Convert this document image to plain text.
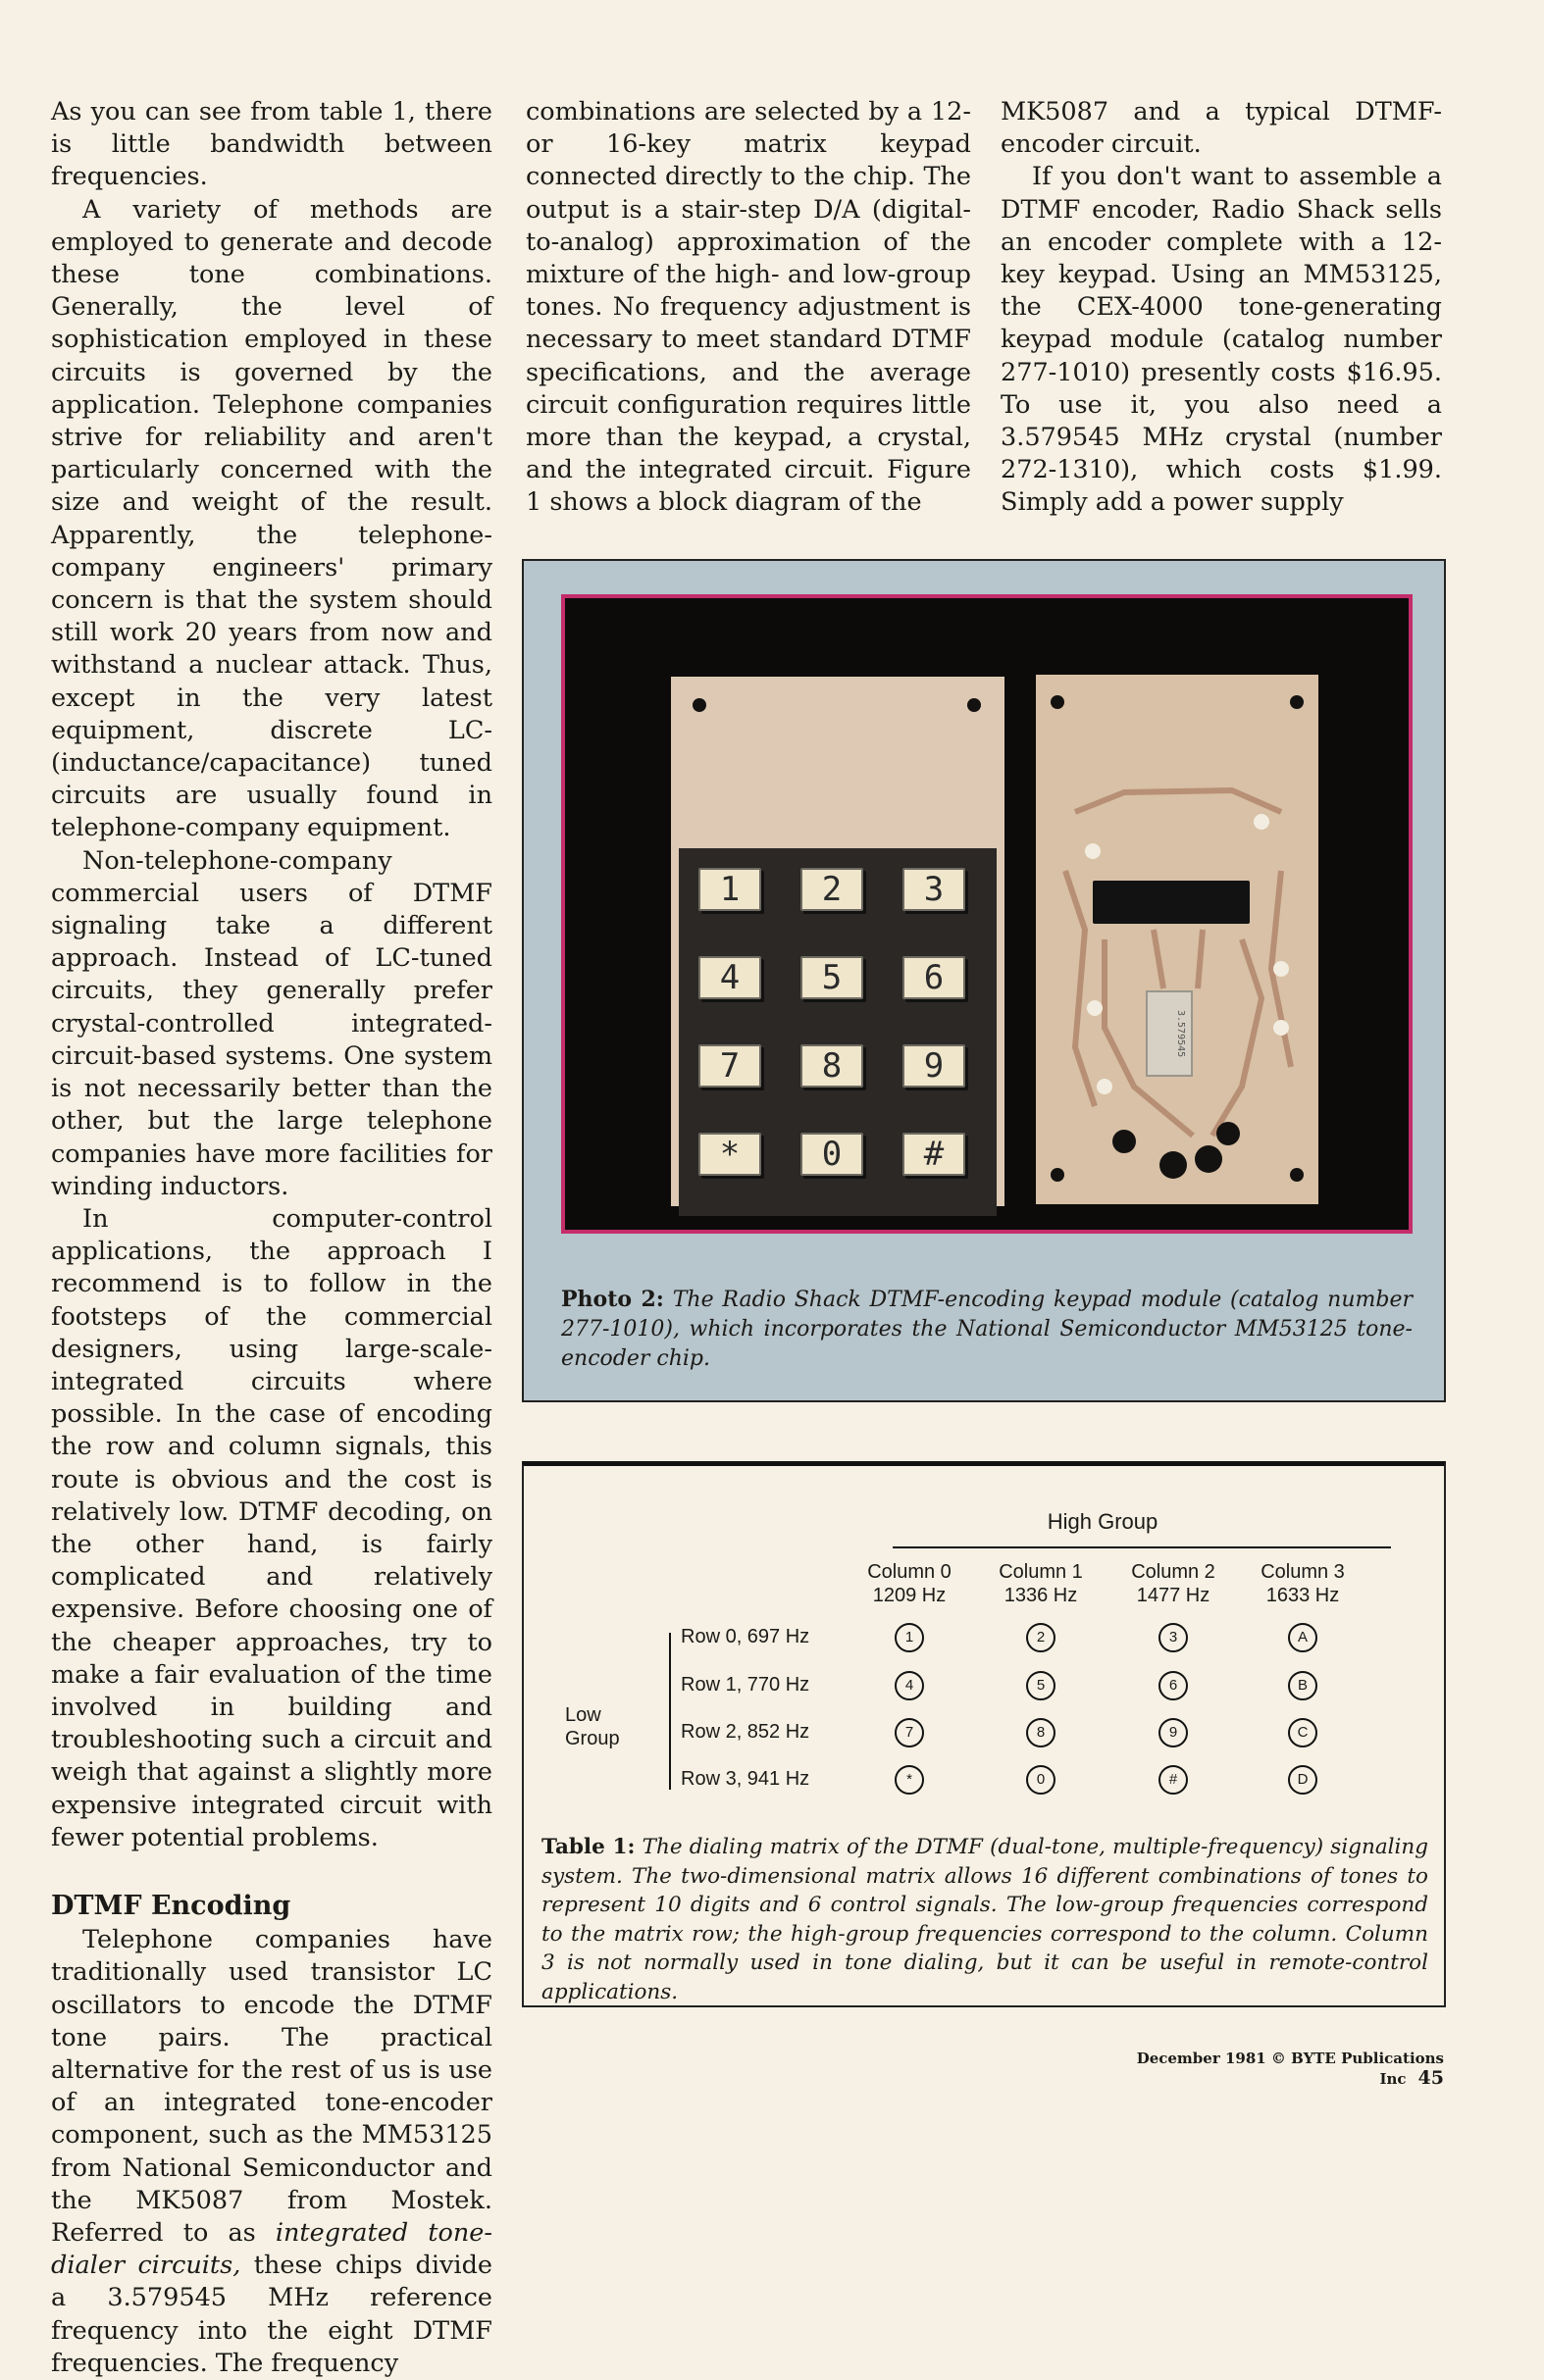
As you can see from table 1, there is little bandwidth between frequencies.

A variety of methods are employed to generate and decode these tone combinations. Generally, the level of sophistication employed in these circuits is governed by the application. Telephone companies strive for reliability and aren't particularly concerned with the size and weight of the result. Apparently, the telephone-company engineers' primary concern is that the system should still work 20 years from now and withstand a nuclear attack. Thus, except in the very latest equipment, discrete LC- (inductance/capacitance) tuned circuits are usually found in telephone-company equipment.

Non-telephone-company commercial users of DTMF signaling take a different approach. Instead of LC-tuned circuits, they generally prefer crystal-controlled integrated-circuit-based systems. One system is not necessarily better than the other, but the large telephone companies have more facilities for winding inductors.

In computer-control applications, the approach I recommend is to follow in the footsteps of the commercial designers, using large-scale-integrated circuits where possible. In the case of encoding the row and column signals, this route is obvious and the cost is relatively low. DTMF decoding, on the other hand, is fairly complicated and relatively expensive. Before choosing one of the cheaper approaches, try to make a fair evaluation of the time involved in building and troubleshooting such a circuit and weigh that against a slightly more expensive integrated circuit with fewer potential problems.

DTMF Encoding

Telephone companies have traditionally used transistor LC oscillators to encode the DTMF tone pairs. The practical alternative for the rest of us is use of an integrated tone-encoder component, such as the MM53125 from National Semiconductor and the MK5087 from Mostek. Referred to as integrated tone-dialer circuits, these chips divide a 3.579545 MHz reference frequency into the eight DTMF frequencies. The frequency

combinations are selected by a 12- or 16-key matrix keypad connected directly to the chip. The output is a stair-step D/A (digital-to-analog) approximation of the mixture of the high- and low-group tones. No frequency adjustment is necessary to meet standard DTMF specifications, and the average circuit configuration requires little more than the keypad, a crystal, and the integrated circuit. Figure 1 shows a block diagram of the

MK5087 and a typical DTMF-encoder circuit.

If you don't want to assemble a DTMF encoder, Radio Shack sells an encoder complete with a 12-key keypad. Using an MM53125, the CEX-4000 tone-generating keypad module (catalog number 277-1010) presently costs $16.95. To use it, you also need a 3.579545 MHz crystal (number 272-1310), which costs $1.99. Simply add a power supply

1	2	3
4	5	6
7	8	9
*	0	#
3.579545
Photo 2: The Radio Shack DTMF-encoding keypad module (catalog number 277-1010), which incorporates the National Semiconductor MM53125 tone-encoder chip.
High Group
Column 0
1209 Hz
Column 1
1336 Hz
Column 2
1477 Hz
Column 3
1633 Hz
Low
Group
Row 0, 697 Hz	1	2	3	A
Row 1, 770 Hz	4	5	6	B
Row 2, 852 Hz	7	8	9	C
Row 3, 941 Hz	*	0	#	D
Table 1: The dialing matrix of the DTMF (dual-tone, multiple-frequency) signaling system. The two-dimensional matrix allows 16 different combinations of tones to represent 10 digits and 6 control signals. The low-group frequencies correspond to the matrix row; the high-group frequencies correspond to the column. Column 3 is not normally used in tone dialing, but it can be useful in remote-control applications.
December 1981 © BYTE Publications Inc 45
